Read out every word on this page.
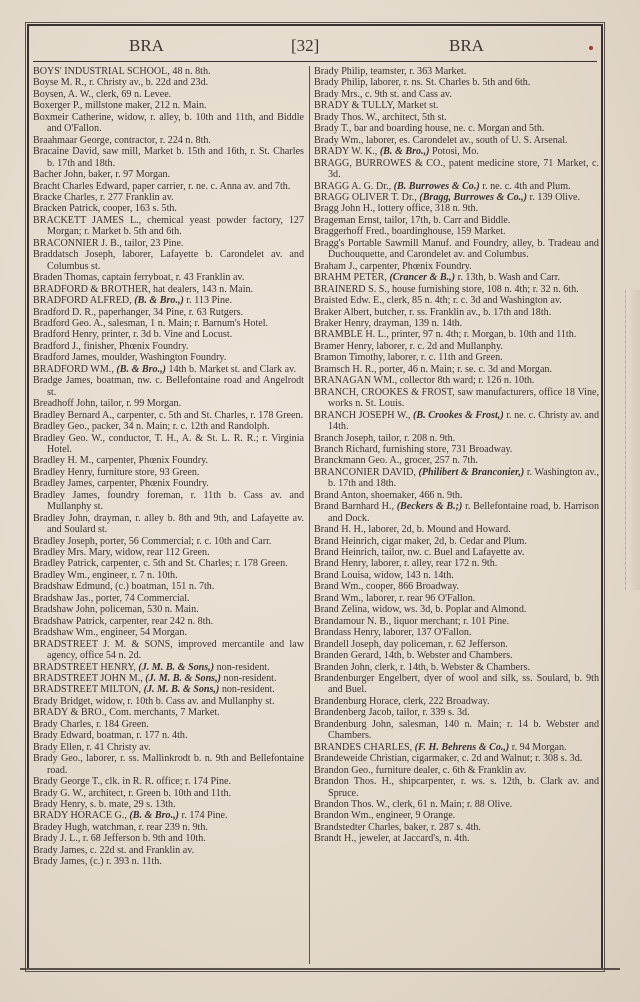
BRA	[32]	BRA
BOYS' INDUSTRIAL SCHOOL, 48 n. 8th.
Boyse M. R., r. Christy av., b. 22d and 23d.
Boysen, A. W., clerk, 69 n. Levee.
Boxerger P., millstone maker, 212 n. Main.
Boxmeir Catherine, widow, r. alley, b. 10th and 11th, and Biddle and O'Fallon.
Braahmaar George, contractor, r. 224 n. 8th.
Bracaine David, saw mill, Market b. 15th and 16th, r. St. Charles b. 17th and 18th.
Bacher John, baker, r. 97 Morgan.
Bracht Charles Edward, paper carrier, r. ne. c. Anna av. and 7th.
Bracke Charles, r. 277 Franklin av.
Bracken Patrick, cooper, 163 s. 5th.
BRACKETT JAMES L., chemical yeast powder factory, 127 Morgan; r. Market b. 5th and 6th.
BRACONNIER J. B., tailor, 23 Pine.
Braddatsch Joseph, laborer, Lafayette b. Carondelet av. and Columbus st.
Braden Thomas, captain ferryboat, r. 43 Franklin av.
BRADFORD & BROTHER, hat dealers, 143 n. Main.
BRADFORD ALFRED, (B. & Bro.,) r. 113 Pine.
Bradford D. R., paperhanger, 34 Pine, r. 63 Rutgers.
Bradford Geo. A., salesman, 1 n. Main; r. Barnum's Hotel.
Bradford Henry, printer, r. 3d b. Vine and Locust.
Bradford J., finisher, Phœnix Foundry.
Bradford James, moulder, Washington Foundry.
BRADFORD WM., (B. & Bro.,) 14th b. Market st. and Clark av.
Bradge James, boatman, nw. c. Bellefontaine road and Angelrodt st.
Breadhoff John, tailor, r. 99 Morgan.
Bradley Bernard A., carpenter, c. 5th and St. Charles, r. 178 Green.
Bradley Geo., packer, 34 n. Main; r. c. 12th and Randolph.
Bradley Geo. W., conductor, T. H., A. & St. L. R. R.; r. Virginia Hotel.
Bradley H. M., carpenter, Phœnix Foundry.
Bradley Henry, furniture store, 93 Green.
Bradley James, carpenter, Phœnix Foundry.
Bradley James, foundry foreman, r. 11th b. Cass av. and Mullanphy st.
Bradley John, drayman, r. alley b. 8th and 9th, and Lafayette av. and Soulard st.
Bradley Joseph, porter, 56 Commercial; r. c. 10th and Carr.
Bradley Mrs. Mary, widow, rear 112 Green.
Bradley Patrick, carpenter, c. 5th and St. Charles; r. 178 Green.
Bradley Wm., engineer, r. 7 n. 10th.
Bradshaw Edmund, (c.) boatman, 151 n. 7th.
Bradshaw Jas., porter, 74 Commercial.
Bradshaw John, policeman, 530 n. Main.
Bradshaw Patrick, carpenter, rear 242 n. 8th.
Bradshaw Wm., engineer, 54 Morgan.
BRADSTREET J. M. & SONS, improved mercantile and law agency, office 54 n. 2d.
BRADSTREET HENRY, (J. M. B. & Sons,) non-resident.
BRADSTREET JOHN M., (J. M. B. & Sons,) non-resident.
BRADSTREET MILTON, (J. M. B. & Sons,) non-resident.
Brady Bridget, widow, r. 10th b. Cass av. and Mullanphy st.
BRADY & BRO., Com. merchants, 7 Market.
Brady Charles, r. 184 Green.
Brady Edward, boatman, r. 177 n. 4th.
Brady Ellen, r. 41 Christy av.
Brady Geo., laborer, r. ss. Mallinkrodt b. n. 9th and Bellefontaine road.
Brady George T., clk. in R. R. office; r. 174 Pine.
Brady G. W., architect, r. Green b. 10th and 11th.
Brady Henry, s. b. mate, 29 s. 13th.
BRADY HORACE G., (B. & Bro.,) r. 174 Pine.
Bradey Hugh, watchman, r. rear 239 n. 9th.
Brady J. L., r. 68 Jefferson b. 9th and 10th.
Brady James, c. 22d st. and Franklin av.
Brady James, (c.) r. 393 n. 11th.
Brady Philip, teamster, r. 363 Market.
Brady Philip, laborer, r. ns. St. Charles b. 5th and 6th.
Brady Mrs., c. 9th st. and Cass av.
BRADY & TULLY, Market st.
Brady Thos. W., architect, 5th st.
Brady T., bar and boarding house, ne. c. Morgan and 5th.
Brady Wm., laborer, es. Carondelet av., south of U. S. Arsenal.
BRADY W. K., (B. & Bro.,) Potosi, Mo.
BRAGG, BURROWES & CO., patent medicine store, 71 Market, c. 3d.
BRAGG A. G. Dr., (B. Burrowes & Co.) r. ne. c. 4th and Plum.
BRAGG OLIVER T. Dr., (Bragg, Burrowes & Co.,) r. 139 Olive.
Bragg John H., lottery office, 318 n. 9th.
Brageman Ernst, tailor, 17th, b. Carr and Biddle.
Braggerhoff Fred., boardinghouse, 159 Market.
Bragg's Portable Sawmill Manuf. and Foundry, alley, b. Tradeau and Duchouquette, and Carondelet av. and Columbus.
Braham J., carpenter, Phœnix Foundry.
BRAHM PETER, (Crancer & B.,) r. 13th, b. Wash and Carr.
BRAINERD S. S., house furnishing store, 108 n. 4th; r. 32 n. 6th.
Braisted Edw. E., clerk, 85 n. 4th; r. c. 3d and Washington av.
Braker Albert, butcher, r. ss. Franklin av., b. 17th and 18th.
Braker Henry, drayman, 139 n. 14th.
BRAMBLE H. L., printer, 97 n. 4th; r. Morgan, b. 10th and 11th.
Bramer Henry, laborer, r. c. 2d and Mullanphy.
Bramon Timothy, laborer, r. c. 11th and Green.
Bramsch H. R., porter, 46 n. Main; r. se. c. 3d and Morgan.
BRANAGAN WM., collector 8th ward; r. 126 n. 10th.
BRANCH, CROOKES & FROST, saw manufacturers, office 18 Vine, works n. St. Louis.
BRANCH JOSEPH W., (B. Crookes & Frost,) r. ne. c. Christy av. and 14th.
Branch Joseph, tailor, r. 208 n. 9th.
Branch Richard, furnishing store, 731 Broadway.
Branckmann Geo. A., grocer, 257 n. 7th.
BRANCONIER DAVID, (Philibert & Branconier,) r. Washington av., b. 17th and 18th.
Brand Anton, shoemaker, 466 n. 9th.
Brand Barnhard H., (Beckers & B.;) r. Bellefontaine road, b. Harrison and Dock.
Brand H. H., laborer, 2d, b. Mound and Howard.
Brand Heinrich, cigar maker, 2d, b. Cedar and Plum.
Brand Heinrich, tailor, nw. c. Buel and Lafayette av.
Brand Henry, laborer, r. alley, rear 172 n. 9th.
Brand Louisa, widow, 143 n. 14th.
Brand Wm., cooper, 866 Broadway.
Brand Wm., laborer, r. rear 96 O'Fallon.
Brand Zelina, widow, ws. 3d, b. Poplar and Almond.
Brandamour N. B., liquor merchant; r. 101 Pine.
Brandass Henry, laborer, 137 O'Fallon.
Brandell Joseph, day policeman, r. 62 Jefferson.
Branden Gerard, 14th, b. Webster and Chambers.
Branden John, clerk, r. 14th, b. Webster & Chambers.
Brandenburger Engelbert, dyer of wool and silk, ss. Soulard, b. 9th and Buel.
Brandenburg Horace, clerk, 222 Broadway.
Brandenberg Jacob, tailor, r. 339 s. 3d.
Brandenburg John, salesman, 140 n. Main; r. 14 b. Webster and Chambers.
BRANDES CHARLES, (F. H. Behrens & Co.,) r. 94 Morgan.
Brandeweide Christian, cigarmaker, c. 2d and Walnut; r. 308 s. 3d.
Brandon Geo., furniture dealer, c. 6th & Franklin av.
Brandon Thos. H., shipcarpenter, r. ws. s. 12th, b. Clark av. and Spruce.
Brandon Thos. W., clerk, 61 n. Main; r. 88 Olive.
Brandon Wm., engineer, 9 Orange.
Brandstedter Charles, baker, r. 287 s. 4th.
Brandt H., jeweler, at Jaccard's, n. 4th.
